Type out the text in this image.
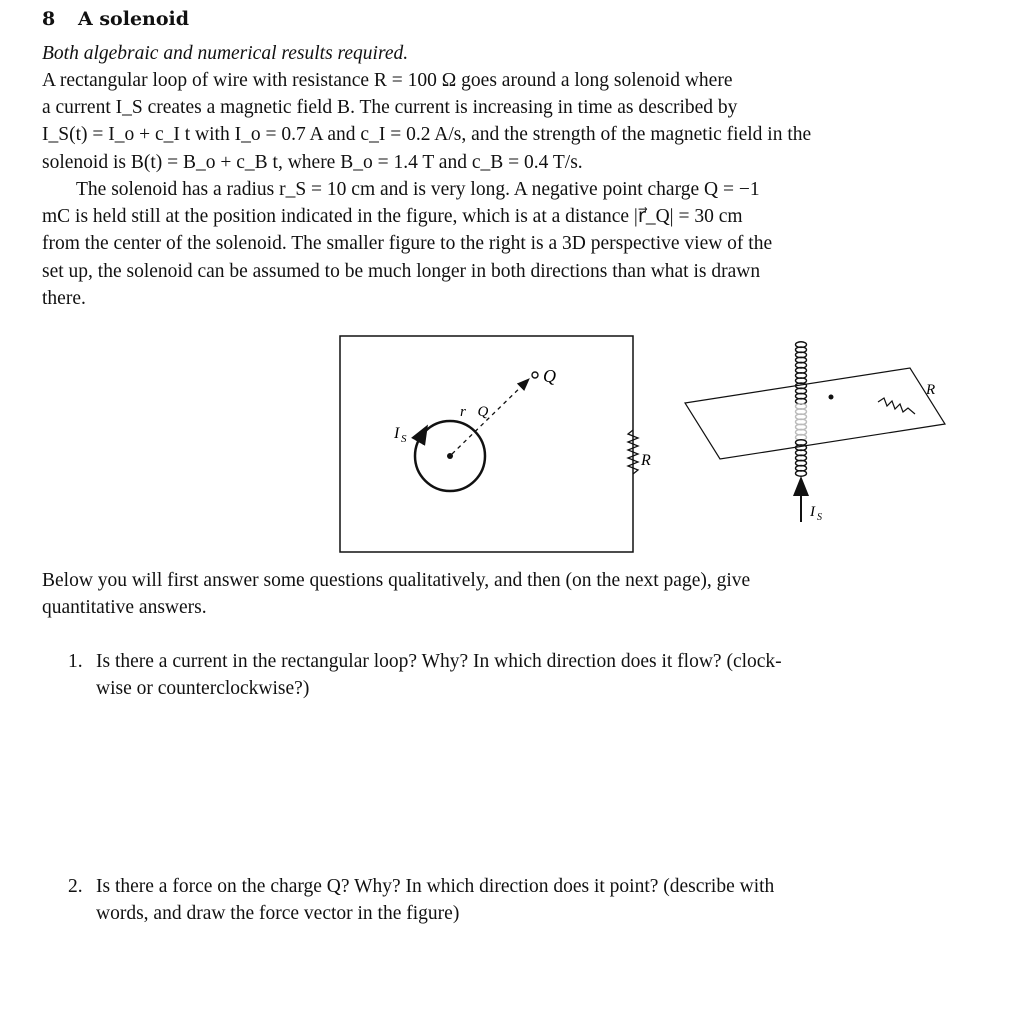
8 A solenoid
Both algebraic and numerical results required.
A rectangular loop of wire with resistance R = 100 Ω goes around a long solenoid where
a current I_S creates a magnetic field B. The current is increasing in time as described by
I_S(t) = I_o + c_I t with I_o = 0.7 A and c_I = 0.2 A/s, and the strength of the magnetic field in the
solenoid is B(t) = B_o + c_B t, where B_o = 1.4 T and c_B = 0.4 T/s.
The solenoid has a radius r_S = 10 cm and is very long. A negative point charge Q = −1
mC is held still at the position indicated in the figure, which is at a distance |r⃗_Q| = 30 cm
from the center of the solenoid. The smaller figure to the right is a 3D perspective view of the
set up, the solenoid can be assumed to be much longer in both directions than what is drawn
there.
R
I S
r⃗Q
Q
R
I S
Below you will first answer some questions qualitatively, and then (on the next page), give
quantitative answers.
1. Is there a current in the rectangular loop? Why? In which direction does it flow? (clock-
wise or counterclockwise?)
2. Is there a force on the charge Q? Why? In which direction does it point? (describe with
words, and draw the force vector in the figure)
